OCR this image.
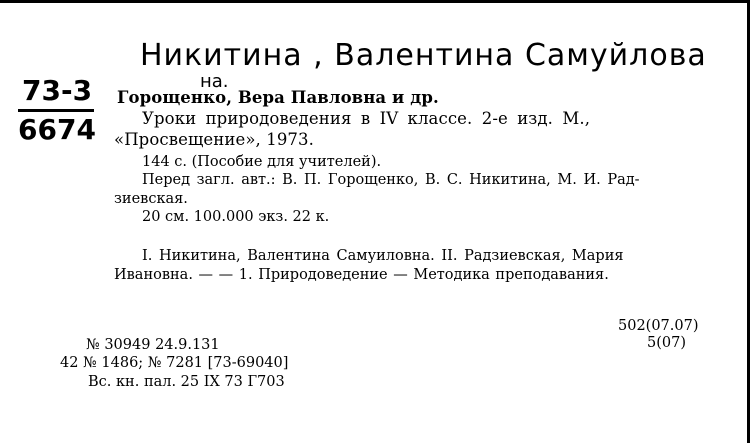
Никитина , Валентина Самуйлова
на.
73-3
6674
Горощенко, Вера Павловна и др.
Уроки природоведения в IV классе. 2-е изд. М.,
«Просвещение», 1973.
144 с. (Пособие для учителей).
Перед загл. авт.: В. П. Горощенко, В. С. Никитина, М. И. Рад-
зиевская.
20 см. 100.000 экз. 22 к.
I. Никитина, Валентина Самуиловна. II. Радзиевская, Мария
Ивановна. — — 1. Природоведение — Методика преподавания.
502(07.07)
5(07)
№ 30949 24.9.131
42 № 1486; № 7281 [73-69040]
Вс. кн. пал. 25 IX 73 Г703
